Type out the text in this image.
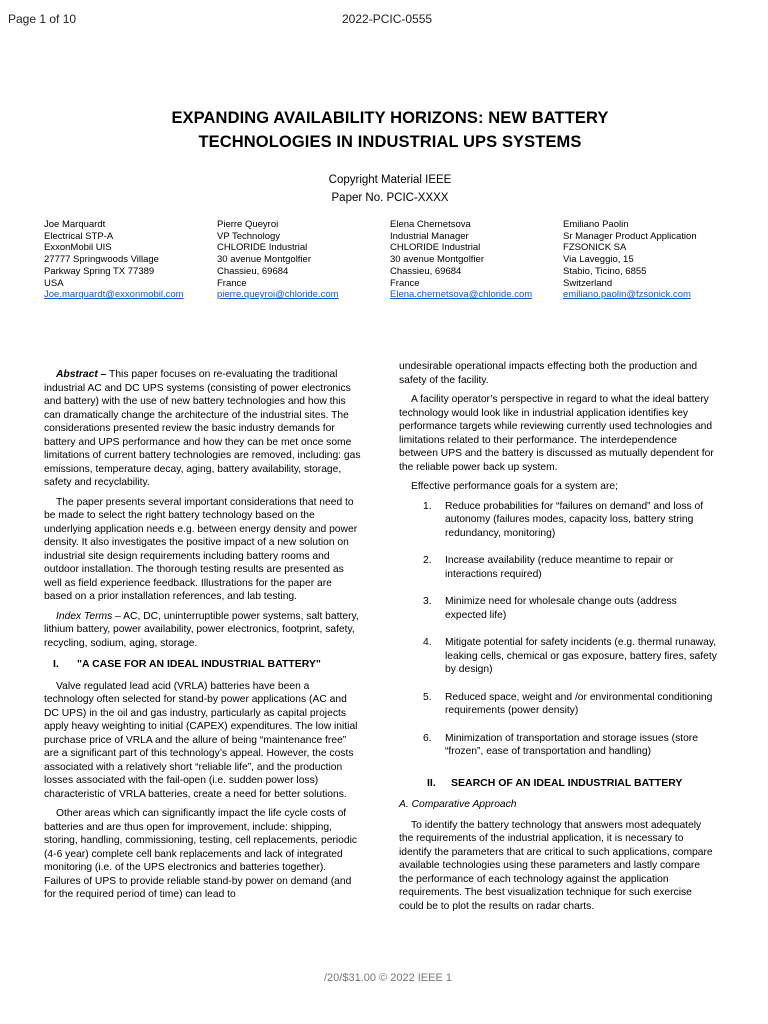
Page 1 of 10	2022-PCIC-0555
EXPANDING AVAILABILITY HORIZONS: NEW BATTERY
TECHNOLOGIES IN INDUSTRIAL UPS SYSTEMS
Copyright Material IEEE
Paper No. PCIC-XXXX
Joe Marquardt
Electrical STP-A
ExxonMobil UIS
27777 Springwoods Village
Parkway Spring TX 77389
USA
Joe.marquardt@exxonmobil.com
Pierre Queyroi
VP Technology
CHLORIDE Industrial
30 avenue Montgolfier
Chassieu, 69684
France
pierre.queyroi@chloride.com
Elena Chernetsova
Industrial Manager
CHLORIDE Industrial
30 avenue Montgolfier
Chassieu, 69684
France
Elena.chernetsova@chloride.com
Emiliano Paolin
Sr Manager Product Application
FZSONICK SA
Via Laveggio, 15
Stabio, Ticino, 6855
Switzerland
emiliano.paolin@fzsonick.com

Abstract – This paper focuses on re-evaluating the traditional industrial AC and DC UPS systems (consisting of power electronics and battery) with the use of new battery technologies and how this can dramatically change the architecture of the industrial sites. The considerations presented review the basic industry demands for battery and UPS performance and how they can be met once some limitations of current battery technologies are removed, including: gas emissions, temperature decay, aging, battery availability, storage, safety and recyclability.

The paper presents several important considerations that need to be made to select the right battery technology based on the underlying application needs e.g. between energy density and power density. It also investigates the positive impact of a new solution on industrial site design requirements including battery rooms and outdoor installation. The thorough testing results are presented as well as field experience feedback. Illustrations for the paper are based on a prior installation references, and lab testing.

Index Terms – AC, DC, uninterruptible power systems, salt battery, lithium battery, power availability, power electronics, footprint, safety, recycling, sodium, aging, storage.

I. "A CASE FOR AN IDEAL INDUSTRIAL BATTERY"

Valve regulated lead acid (VRLA) batteries have been a technology often selected for stand-by power applications (AC and DC UPS) in the oil and gas industry, particularly as capital projects apply heavy weighting to initial (CAPEX) expenditures. The low initial purchase price of VRLA and the allure of being “maintenance free” are a significant part of this technology’s appeal. However, the costs associated with a relatively short “reliable life”, and the production losses associated with the fail-open (i.e. sudden power loss) characteristic of VRLA batteries, create a need for better solutions.

Other areas which can significantly impact the life cycle costs of batteries and are thus open for improvement, include: shipping, storing, handling, commissioning, testing, cell replacements, periodic (4-6 year) complete cell bank replacements and lack of integrated monitoring (i.e. of the UPS electronics and batteries together). Failures of UPS to provide reliable stand-by power on demand (and for the required period of time) can lead to

undesirable operational impacts effecting both the production and safety of the facility.

A facility operator’s perspective in regard to what the ideal battery technology would look like in industrial application identifies key performance targets while reviewing currently used technologies and limitations related to their performance. The interdependence between UPS and the battery is discussed as mutually dependent for the reliable power back up system.

Effective performance goals for a system are;

1.	Reduce probabilities for “failures on demand” and loss of autonomy (failures modes, capacity loss, battery string redundancy, monitoring)
2.	Increase availability (reduce meantime to repair or interactions required)
3.	Minimize need for wholesale change outs (address expected life)
4.	Mitigate potential for safety incidents (e.g. thermal runaway, leaking cells, chemical or gas exposure, battery fires, safety by design)
5.	Reduced space, weight and /or environmental conditioning requirements (power density)
6.	Minimization of transportation and storage issues (store “frozen”, ease of transportation and handling)
II. SEARCH OF AN IDEAL INDUSTRIAL BATTERY
A. Comparative Approach

To identify the battery technology that answers most adequately the requirements of the industrial application, it is necessary to identify the parameters that are critical to such applications, compare available technologies using these parameters and lastly compare the performance of each technology against the application requirements. The best visualization technique for such exercise could be to plot the results on radar charts.

/20/$31.00 © 2022 IEEE 1
